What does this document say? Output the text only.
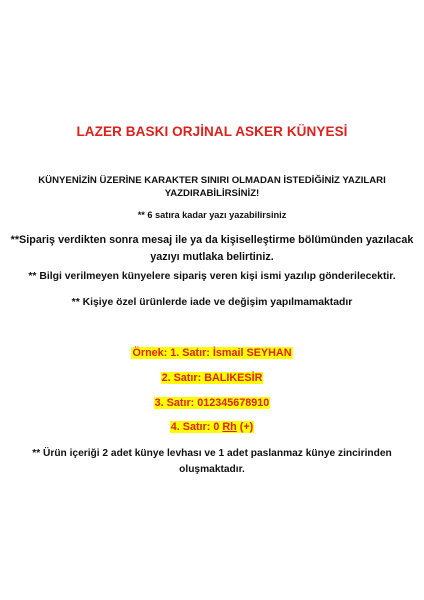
LAZER BASKI ORJİNAL ASKER KÜNYESİ
KÜNYENİZİN ÜZERİNE KARAKTER SINIRI OLMADAN İSTEDİĞİNİZ YAZILARI
YAZDIRABİLİRSİNİZ!
** 6 satıra kadar yazı yazabilirsiniz
**Sipariş verdikten sonra mesaj ile ya da kişiselleştirme bölümünden yazılacak
yazıyı mutlaka belirtiniz.
** Bilgi verilmeyen künyelere sipariş veren kişi ismi yazılıp gönderilecektir.
** Kişiye özel ürünlerde iade ve değişim yapılmamaktadır
Örnek: 1. Satır: İsmail SEYHAN
2. Satır: BALIKESİR
3. Satır: 012345678910
4. Satır: 0 Rh (+)
** Ürün içeriği 2 adet künye levhası ve 1 adet paslanmaz künye zincirinden
oluşmaktadır.
